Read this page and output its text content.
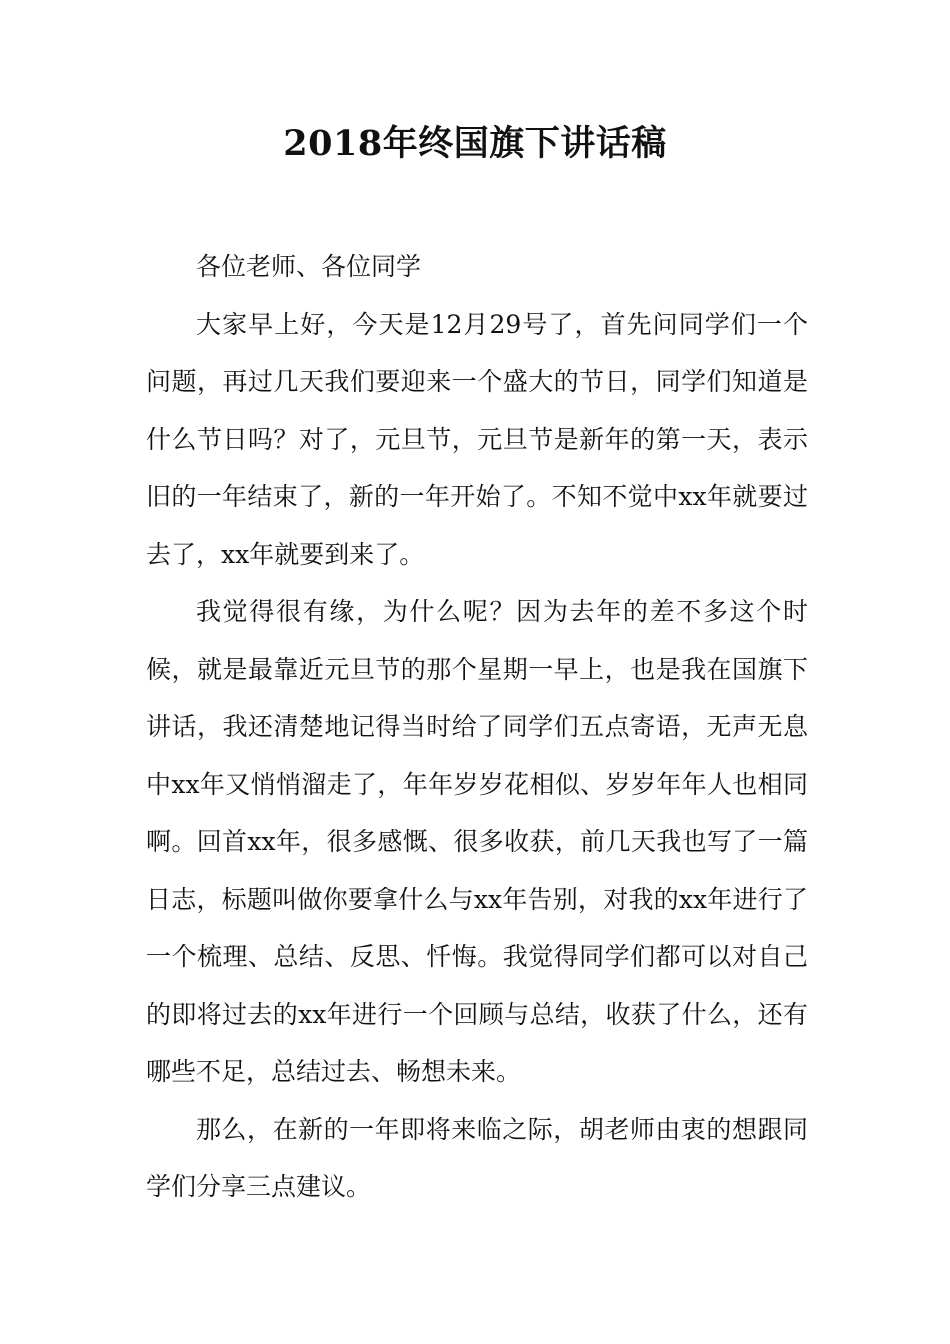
2018年终国旗下讲话稿

各位老师、各位同学

大家早上好，今天是12月29号了，首先问同学们一个问题，再过几天我们要迎来一个盛大的节日，同学们知道是什么节日吗？对了，元旦节，元旦节是新年的第一天，表示旧的一年结束了，新的一年开始了。不知不觉中xx年就要过去了，xx年就要到来了。

我觉得很有缘，为什么呢？因为去年的差不多这个时候，就是最靠近元旦节的那个星期一早上，也是我在国旗下讲话，我还清楚地记得当时给了同学们五点寄语，无声无息中xx年又悄悄溜走了，年年岁岁花相似、岁岁年年人也相同啊。回首xx年，很多感慨、很多收获，前几天我也写了一篇日志，标题叫做你要拿什么与xx年告别，对我的xx年进行了一个梳理、总结、反思、忏悔。我觉得同学们都可以对自己的即将过去的xx年进行一个回顾与总结，收获了什么，还有哪些不足，总结过去、畅想未来。

那么，在新的一年即将来临之际，胡老师由衷的想跟同学们分享三点建议。
